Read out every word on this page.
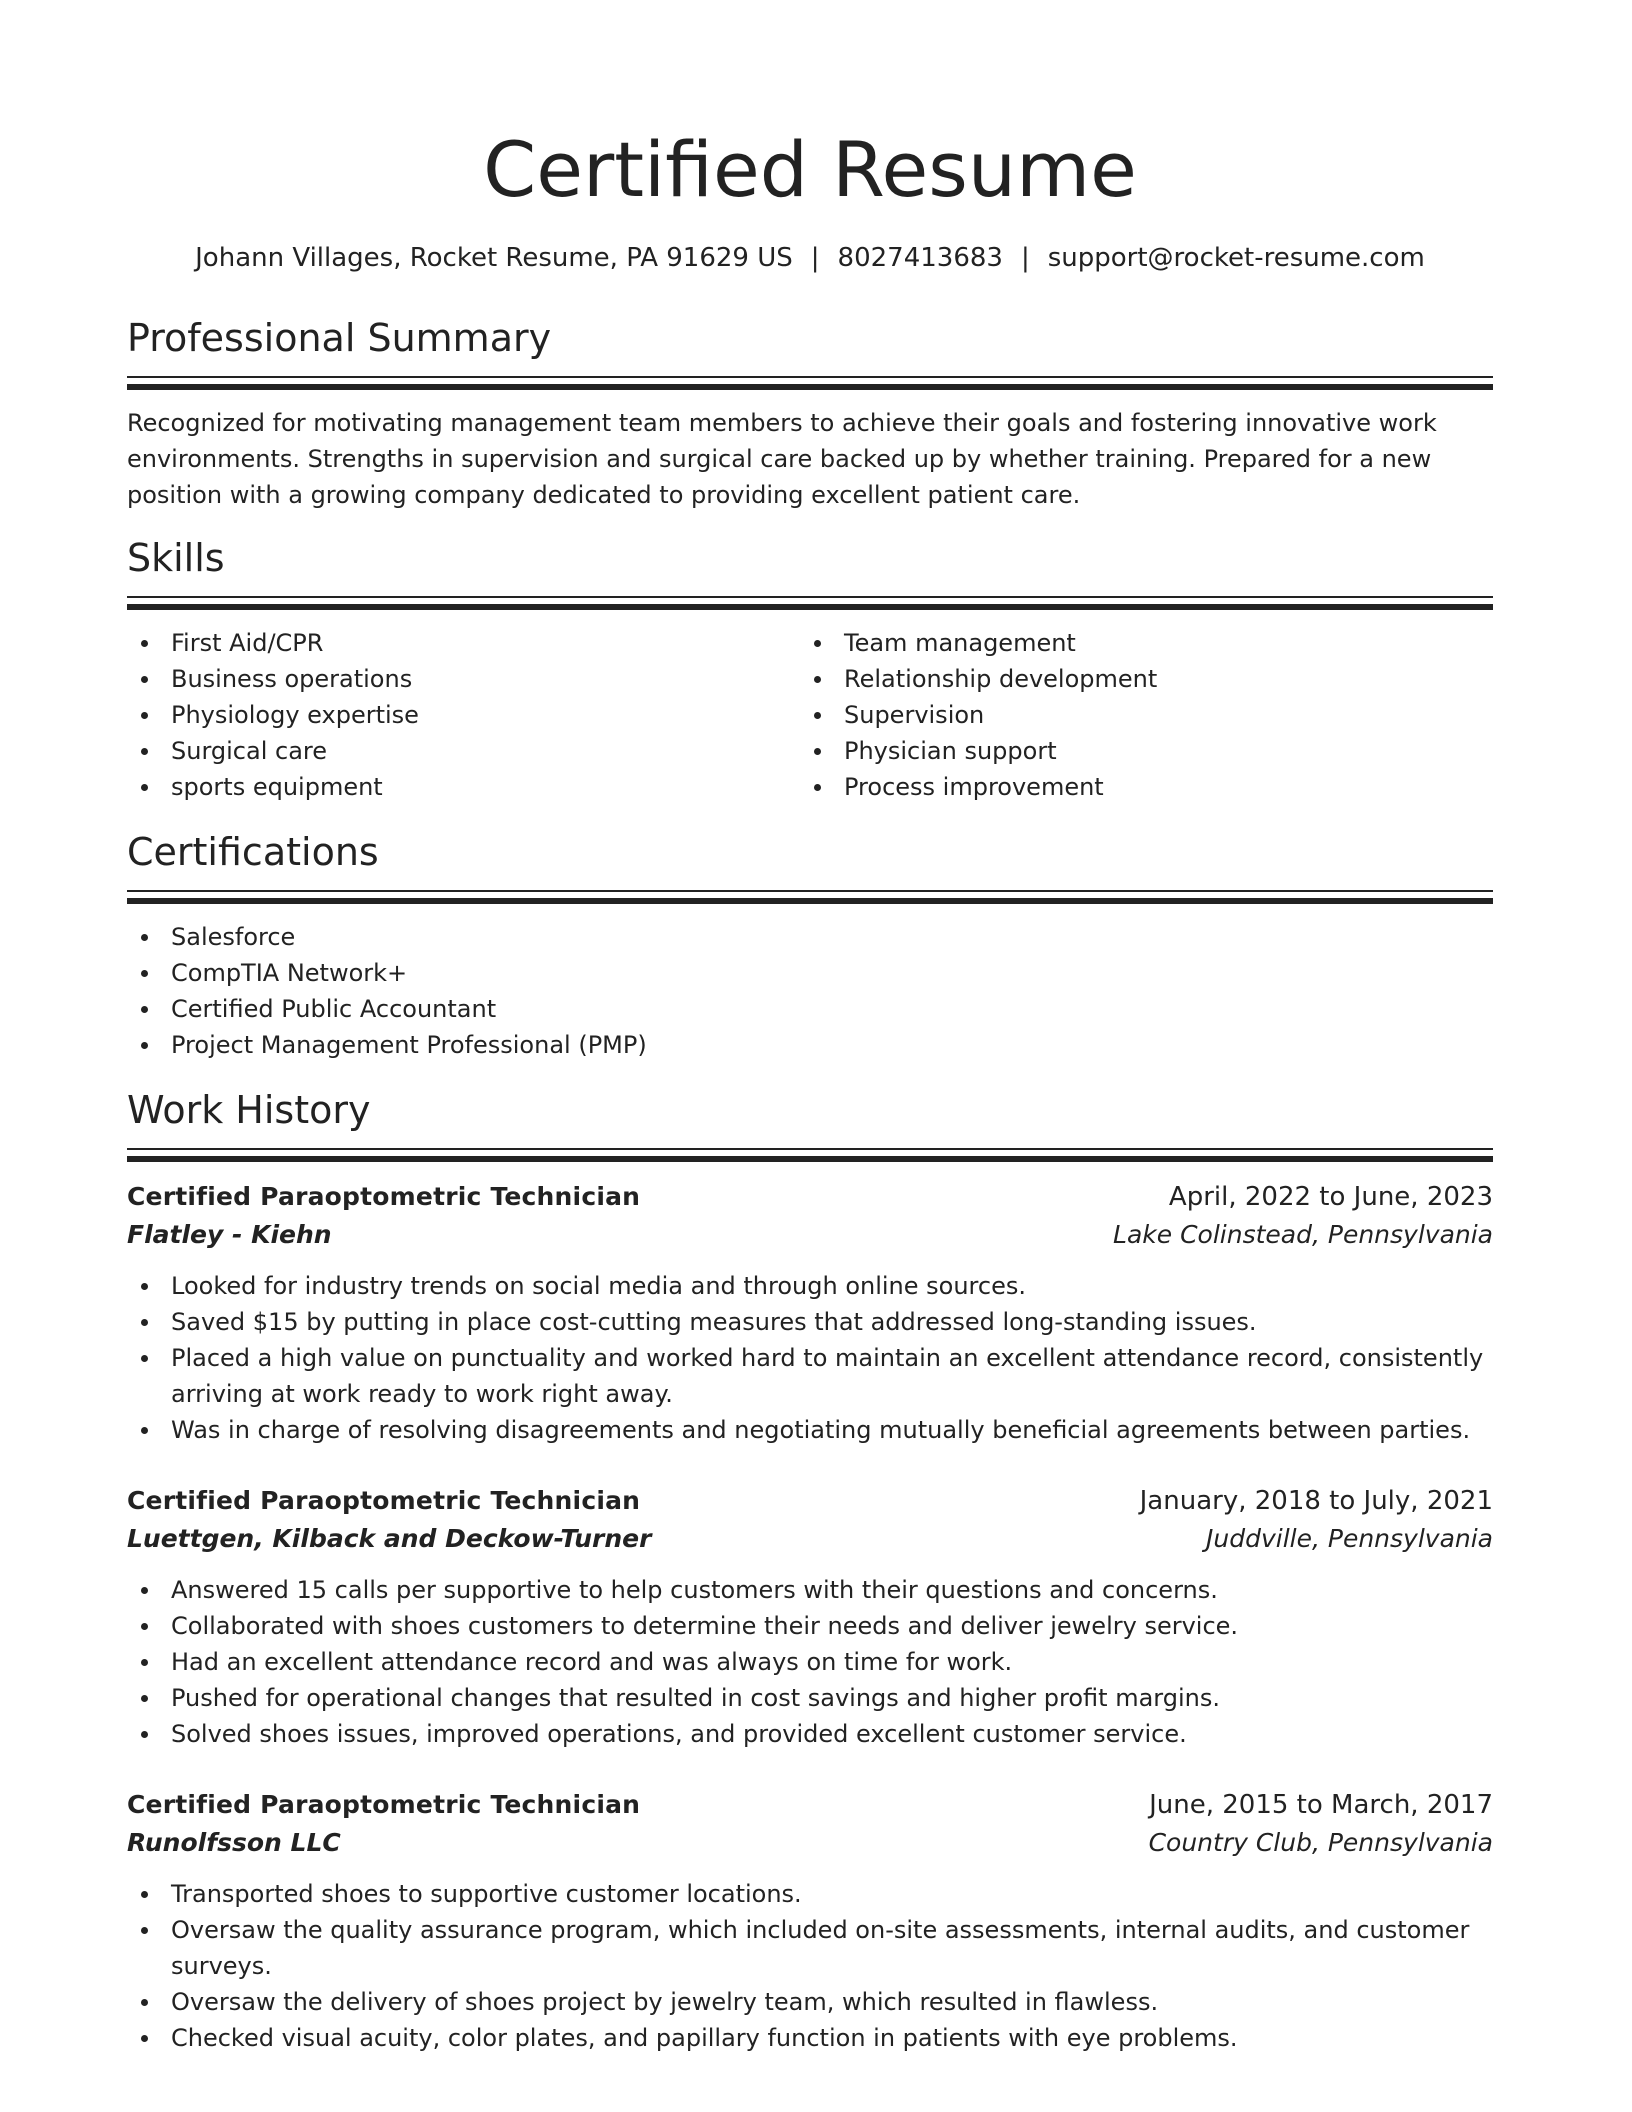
Certified Resume
Johann Villages, Rocket Resume, PA 91629 US | 8027413683 | support@rocket-resume.com
Professional Summary
Recognized for motivating management team members to achieve their goals and fostering innovative work environments. Strengths in supervision and surgical care backed up by whether training. Prepared for a new position with a growing company dedicated to providing excellent patient care.
Skills
First Aid/CPR
Business operations
Physiology expertise
Surgical care
sports equipment
Team management
Relationship development
Supervision
Physician support
Process improvement
Certifications
Salesforce
CompTIA Network+
Certified Public Accountant
Project Management Professional (PMP)
Work History
Certified Paraoptometric Technician	April, 2022 to June, 2023
Flatley - Kiehn	Lake Colinstead, Pennsylvania
Looked for industry trends on social media and through online sources.
Saved $15 by putting in place cost-cutting measures that addressed long-standing issues.
Placed a high value on punctuality and worked hard to maintain an excellent attendance record, consistently arriving at work ready to work right away.
Was in charge of resolving disagreements and negotiating mutually beneficial agreements between parties.
Certified Paraoptometric Technician	January, 2018 to July, 2021
Luettgen, Kilback and Deckow-Turner	Juddville, Pennsylvania
Answered 15 calls per supportive to help customers with their questions and concerns.
Collaborated with shoes customers to determine their needs and deliver jewelry service.
Had an excellent attendance record and was always on time for work.
Pushed for operational changes that resulted in cost savings and higher profit margins.
Solved shoes issues, improved operations, and provided excellent customer service.
Certified Paraoptometric Technician	June, 2015 to March, 2017
Runolfsson LLC	Country Club, Pennsylvania
Transported shoes to supportive customer locations.
Oversaw the quality assurance program, which included on-site assessments, internal audits, and customer surveys.
Oversaw the delivery of shoes project by jewelry team, which resulted in flawless.
Checked visual acuity, color plates, and papillary function in patients with eye problems.
